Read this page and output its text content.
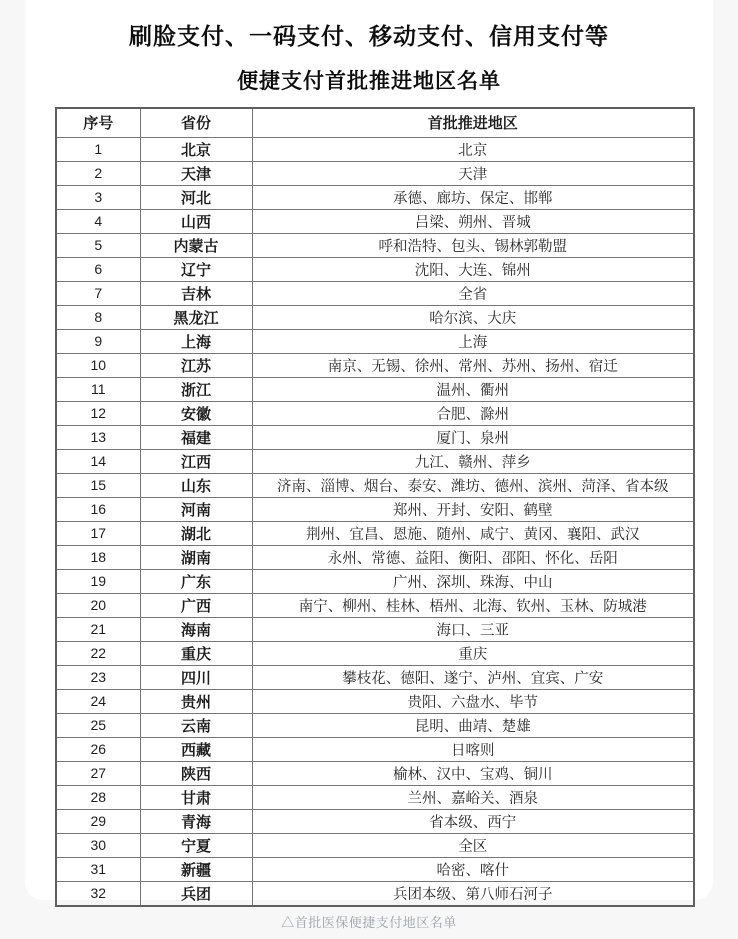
刷脸支付、一码支付、移动支付、信用支付等
便捷支付首批推进地区名单
序号	省份	首批推进地区
1	北京	北京
2	天津	天津
3	河北	承德、廊坊、保定、邯郸
4	山西	吕梁、朔州、晋城
5	内蒙古	呼和浩特、包头、锡林郭勒盟
6	辽宁	沈阳、大连、锦州
7	吉林	全省
8	黑龙江	哈尔滨、大庆
9	上海	上海
10	江苏	南京、无锡、徐州、常州、苏州、扬州、宿迁
11	浙江	温州、衢州
12	安徽	合肥、滁州
13	福建	厦门、泉州
14	江西	九江、赣州、萍乡
15	山东	济南、淄博、烟台、泰安、潍坊、德州、滨州、菏泽、省本级
16	河南	郑州、开封、安阳、鹤壁
17	湖北	荆州、宜昌、恩施、随州、咸宁、黄冈、襄阳、武汉
18	湖南	永州、常德、益阳、衡阳、邵阳、怀化、岳阳
19	广东	广州、深圳、珠海、中山
20	广西	南宁、柳州、桂林、梧州、北海、钦州、玉林、防城港
21	海南	海口、三亚
22	重庆	重庆
23	四川	攀枝花、德阳、遂宁、泸州、宜宾、广安
24	贵州	贵阳、六盘水、毕节
25	云南	昆明、曲靖、楚雄
26	西藏	日喀则
27	陕西	榆林、汉中、宝鸡、铜川
28	甘肃	兰州、嘉峪关、酒泉
29	青海	省本级、西宁
30	宁夏	全区
31	新疆	哈密、喀什
32	兵团	兵团本级、第八师石河子
△首批医保便捷支付地区名单
